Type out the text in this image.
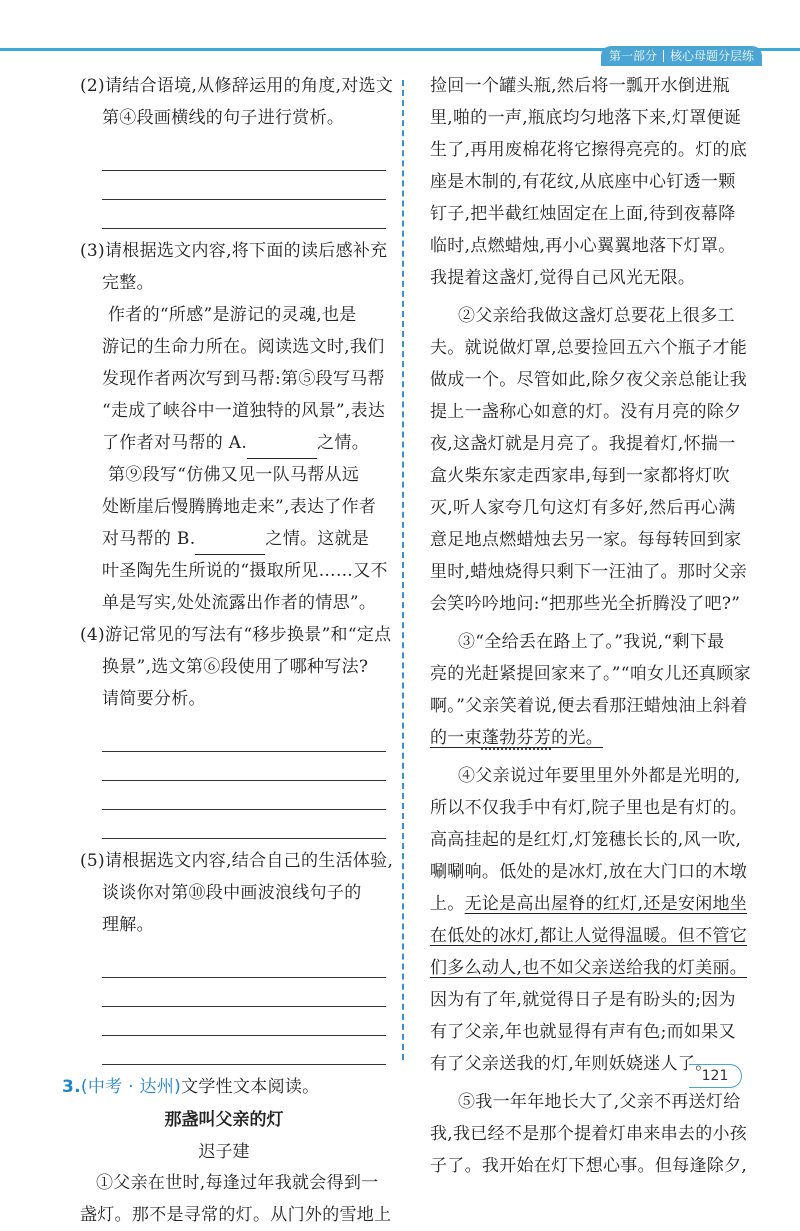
第一部分 核心母题分层练
(2)请结合语境,从修辞运用的角度,对选文
第④段画横线的句子进行赏析。
(3)请根据选文内容,将下面的读后感补充
完整。
作者的“所感”是游记的灵魂,也是
游记的生命力所在。阅读选文时,我们
发现作者两次写到马帮:第⑤段写马帮
“走成了峡谷中一道独特的风景”,表达
了作者对马帮的 A.	之情。
第⑨段写“仿佛又见一队马帮从远
处断崖后慢腾腾地走来”,表达了作者
对马帮的 B.	之情。这就是
叶圣陶先生所说的“摄取所见……又不
单是写实,处处流露出作者的情思”。
(4)游记常见的写法有“移步换景”和“定点
换景”,选文第⑥段使用了哪种写法?
请简要分析。
(5)请根据选文内容,结合自己的生活体验,
谈谈你对第⑩段中画波浪线句子的
理解。
3.(中考 · 达州)文学性文本阅读。
那盏叫父亲的灯
迟子建
①父亲在世时,每逢过年我就会得到一
盏灯。那不是寻常的灯。从门外的雪地上
捡回一个罐头瓶,然后将一瓢开水倒进瓶
里,啪的一声,瓶底均匀地落下来,灯罩便诞
生了,再用废棉花将它擦得亮亮的。灯的底
座是木制的,有花纹,从底座中心钉透一颗
钉子,把半截红烛固定在上面,待到夜幕降
临时,点燃蜡烛,再小心翼翼地落下灯罩。
我提着这盏灯,觉得自己风光无限。
②父亲给我做这盏灯总要花上很多工
夫。就说做灯罩,总要捡回五六个瓶子才能
做成一个。尽管如此,除夕夜父亲总能让我
提上一盏称心如意的灯。没有月亮的除夕
夜,这盏灯就是月亮了。我提着灯,怀揣一
盒火柴东家走西家串,每到一家都将灯吹
灭,听人家夸几句这灯有多好,然后再心满
意足地点燃蜡烛去另一家。每每转回到家
里时,蜡烛烧得只剩下一汪油了。那时父亲
会笑吟吟地问:“把那些光全折腾没了吧?”
③“全给丢在路上了。”我说,“剩下最
亮的光赶紧提回家来了。”“咱女儿还真顾家
啊。”父亲笑着说,便去看那汪蜡烛油上斜着
的一束蓬勃芬芳的光。
④父亲说过年要里里外外都是光明的,
所以不仅我手中有灯,院子里也是有灯的。
高高挂起的是红灯,灯笼穗长长的,风一吹,
唰唰响。低处的是冰灯,放在大门口的木墩
上。无论是高出屋脊的红灯,还是安闲地坐
在低处的冰灯,都让人觉得温暖。但不管它
们多么动人,也不如父亲送给我的灯美丽。
因为有了年,就觉得日子是有盼头的;因为
有了父亲,年也就显得有声有色;而如果又
有了父亲送我的灯,年则妖娆迷人了。
⑤我一年年地长大了,父亲不再送灯给
我,我已经不是那个提着灯串来串去的小孩
子了。我开始在灯下想心事。但每逢除夕,
121
